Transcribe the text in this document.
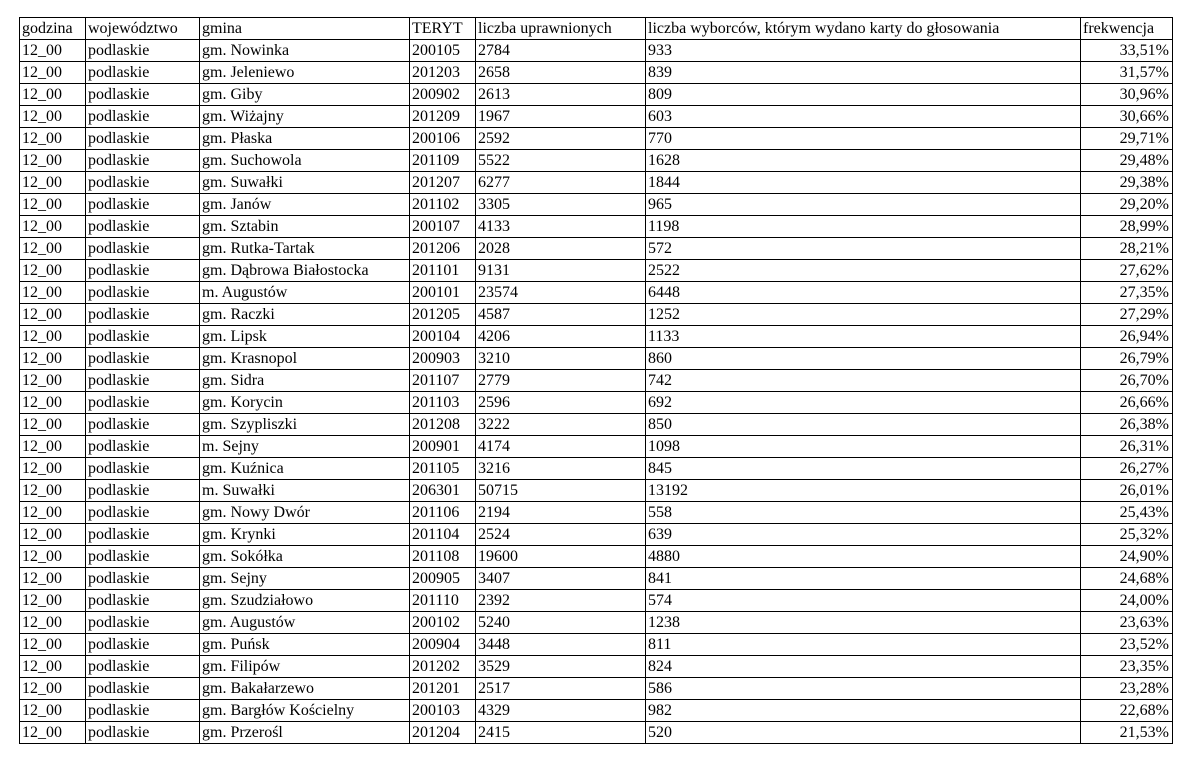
godzina	województwo	gmina	TERYT	liczba uprawnionych	liczba wyborców, którym wydano karty do głosowania	frekwencja
12_00	podlaskie	gm. Nowinka	200105	2784	933	33,51%
12_00	podlaskie	gm. Jeleniewo	201203	2658	839	31,57%
12_00	podlaskie	gm. Giby	200902	2613	809	30,96%
12_00	podlaskie	gm. Wiżajny	201209	1967	603	30,66%
12_00	podlaskie	gm. Płaska	200106	2592	770	29,71%
12_00	podlaskie	gm. Suchowola	201109	5522	1628	29,48%
12_00	podlaskie	gm. Suwałki	201207	6277	1844	29,38%
12_00	podlaskie	gm. Janów	201102	3305	965	29,20%
12_00	podlaskie	gm. Sztabin	200107	4133	1198	28,99%
12_00	podlaskie	gm. Rutka-Tartak	201206	2028	572	28,21%
12_00	podlaskie	gm. Dąbrowa Białostocka	201101	9131	2522	27,62%
12_00	podlaskie	m. Augustów	200101	23574	6448	27,35%
12_00	podlaskie	gm. Raczki	201205	4587	1252	27,29%
12_00	podlaskie	gm. Lipsk	200104	4206	1133	26,94%
12_00	podlaskie	gm. Krasnopol	200903	3210	860	26,79%
12_00	podlaskie	gm. Sidra	201107	2779	742	26,70%
12_00	podlaskie	gm. Korycin	201103	2596	692	26,66%
12_00	podlaskie	gm. Szypliszki	201208	3222	850	26,38%
12_00	podlaskie	m. Sejny	200901	4174	1098	26,31%
12_00	podlaskie	gm. Kuźnica	201105	3216	845	26,27%
12_00	podlaskie	m. Suwałki	206301	50715	13192	26,01%
12_00	podlaskie	gm. Nowy Dwór	201106	2194	558	25,43%
12_00	podlaskie	gm. Krynki	201104	2524	639	25,32%
12_00	podlaskie	gm. Sokółka	201108	19600	4880	24,90%
12_00	podlaskie	gm. Sejny	200905	3407	841	24,68%
12_00	podlaskie	gm. Szudziałowo	201110	2392	574	24,00%
12_00	podlaskie	gm. Augustów	200102	5240	1238	23,63%
12_00	podlaskie	gm. Puńsk	200904	3448	811	23,52%
12_00	podlaskie	gm. Filipów	201202	3529	824	23,35%
12_00	podlaskie	gm. Bakałarzewo	201201	2517	586	23,28%
12_00	podlaskie	gm. Bargłów Kościelny	200103	4329	982	22,68%
12_00	podlaskie	gm. Przerośl	201204	2415	520	21,53%
